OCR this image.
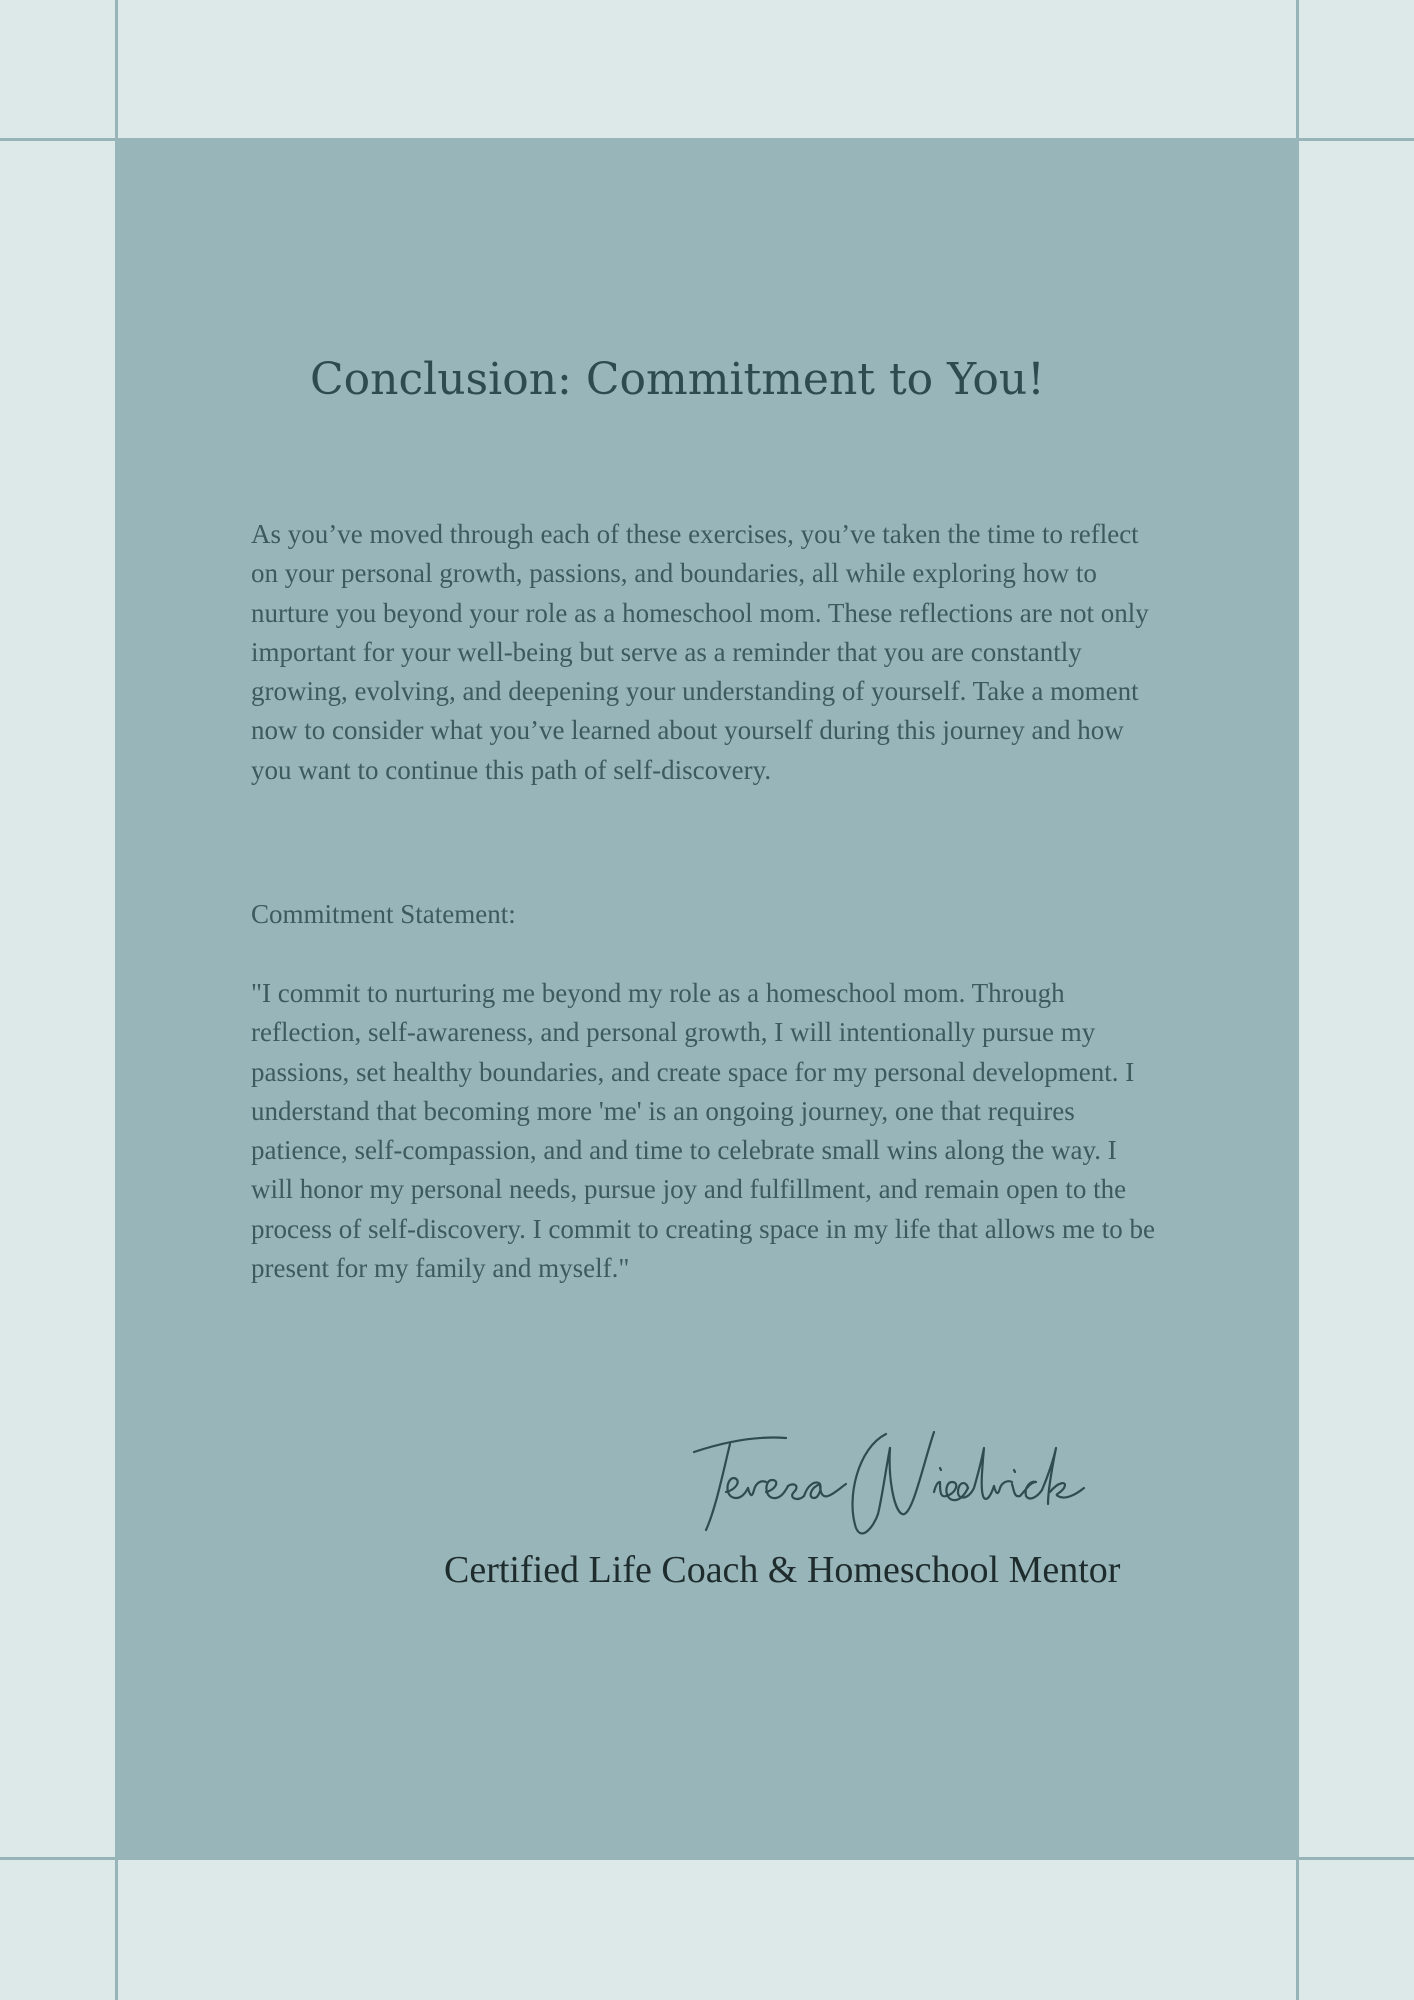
Conclusion: Commitment to You!

As you’ve moved through each of these exercises, you’ve taken the time to reflect on your personal growth, passions, and boundaries, all while exploring how to nurture you beyond your role as a homeschool mom. These reflections are not only important for your well-being but serve as a reminder that you are constantly growing, evolving, and deepening your understanding of yourself. Take a moment now to consider what you’ve learned about yourself during this journey and how you want to continue this path of self-discovery.

Commitment Statement:

"I commit to nurturing me beyond my role as a homeschool mom. Through reflection, self-awareness, and personal growth, I will intentionally pursue my passions, set healthy boundaries, and create space for my personal development. I understand that becoming more 'me' is an ongoing journey, one that requires patience, self-compassion, and and time to celebrate small wins along the way. I will honor my personal needs, pursue joy and fulfillment, and remain open to the process of self-discovery. I commit to creating space in my life that allows me to be present for my family and myself."

Certified Life Coach & Homeschool Mentor
